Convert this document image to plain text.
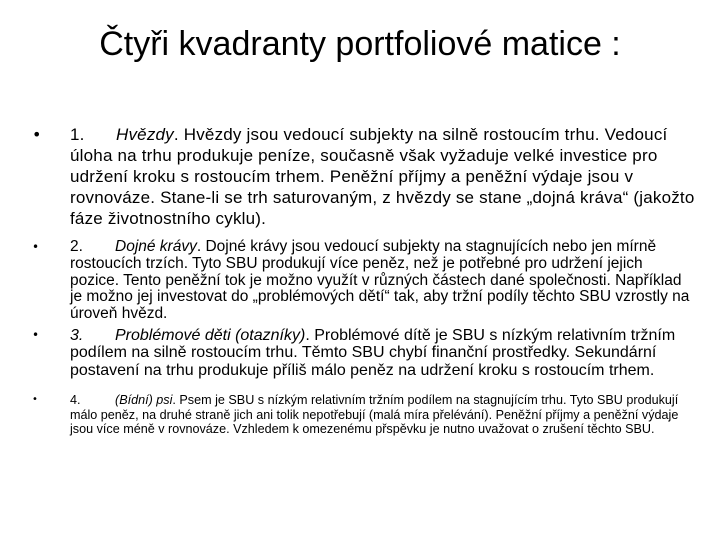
Čtyři kvadranty portfoliové matice :
• 1. Hvězdy. Hvězdy jsou vedoucí subjekty na silně rostoucím trhu. Vedoucí úloha na trhu produkuje peníze, současně však vyžaduje velké investice pro udržení kroku s rostoucím trhem. Peněžní příjmy a peněžní výdaje jsou v rovnováze. Stane-li se trh saturovaným, z hvězdy se stane „dojná kráva“ (jakožto fáze životnostního cyklu).
• 2. Dojné krávy. Dojné krávy jsou vedoucí subjekty na stagnujících nebo jen mírně rostoucích trzích. Tyto SBU produkují více peněz, než je potřebné pro udržení jejich pozice. Tento peněžní tok je možno využít v různých částech dané společnosti. Například je možno jej investovat do „problémových dětí“ tak, aby tržní podíly těchto SBU vzrostly na úroveň hvězd.
• 3. Problémové děti (otazníky). Problémové dítě je SBU s nízkým relativním tržním podílem na silně rostoucím trhu. Těmto SBU chybí finanční prostředky. Sekundární postavení na trhu produkuje příliš málo peněz na udržení kroku s rostoucím trhem.
•	4.	(Bídní) psi. Psem je SBU s nízkým relativním tržním podílem na stagnujícím trhu. Tyto SBU produkují málo peněz, na druhé straně jich ani tolik nepotřebují (malá míra přelévání). Peněžní příjmy a peněžní výdaje jsou více méně v rovnováze. Vzhledem k omezenému přspěvku je nutno uvažovat o zrušení těchto SBU.
